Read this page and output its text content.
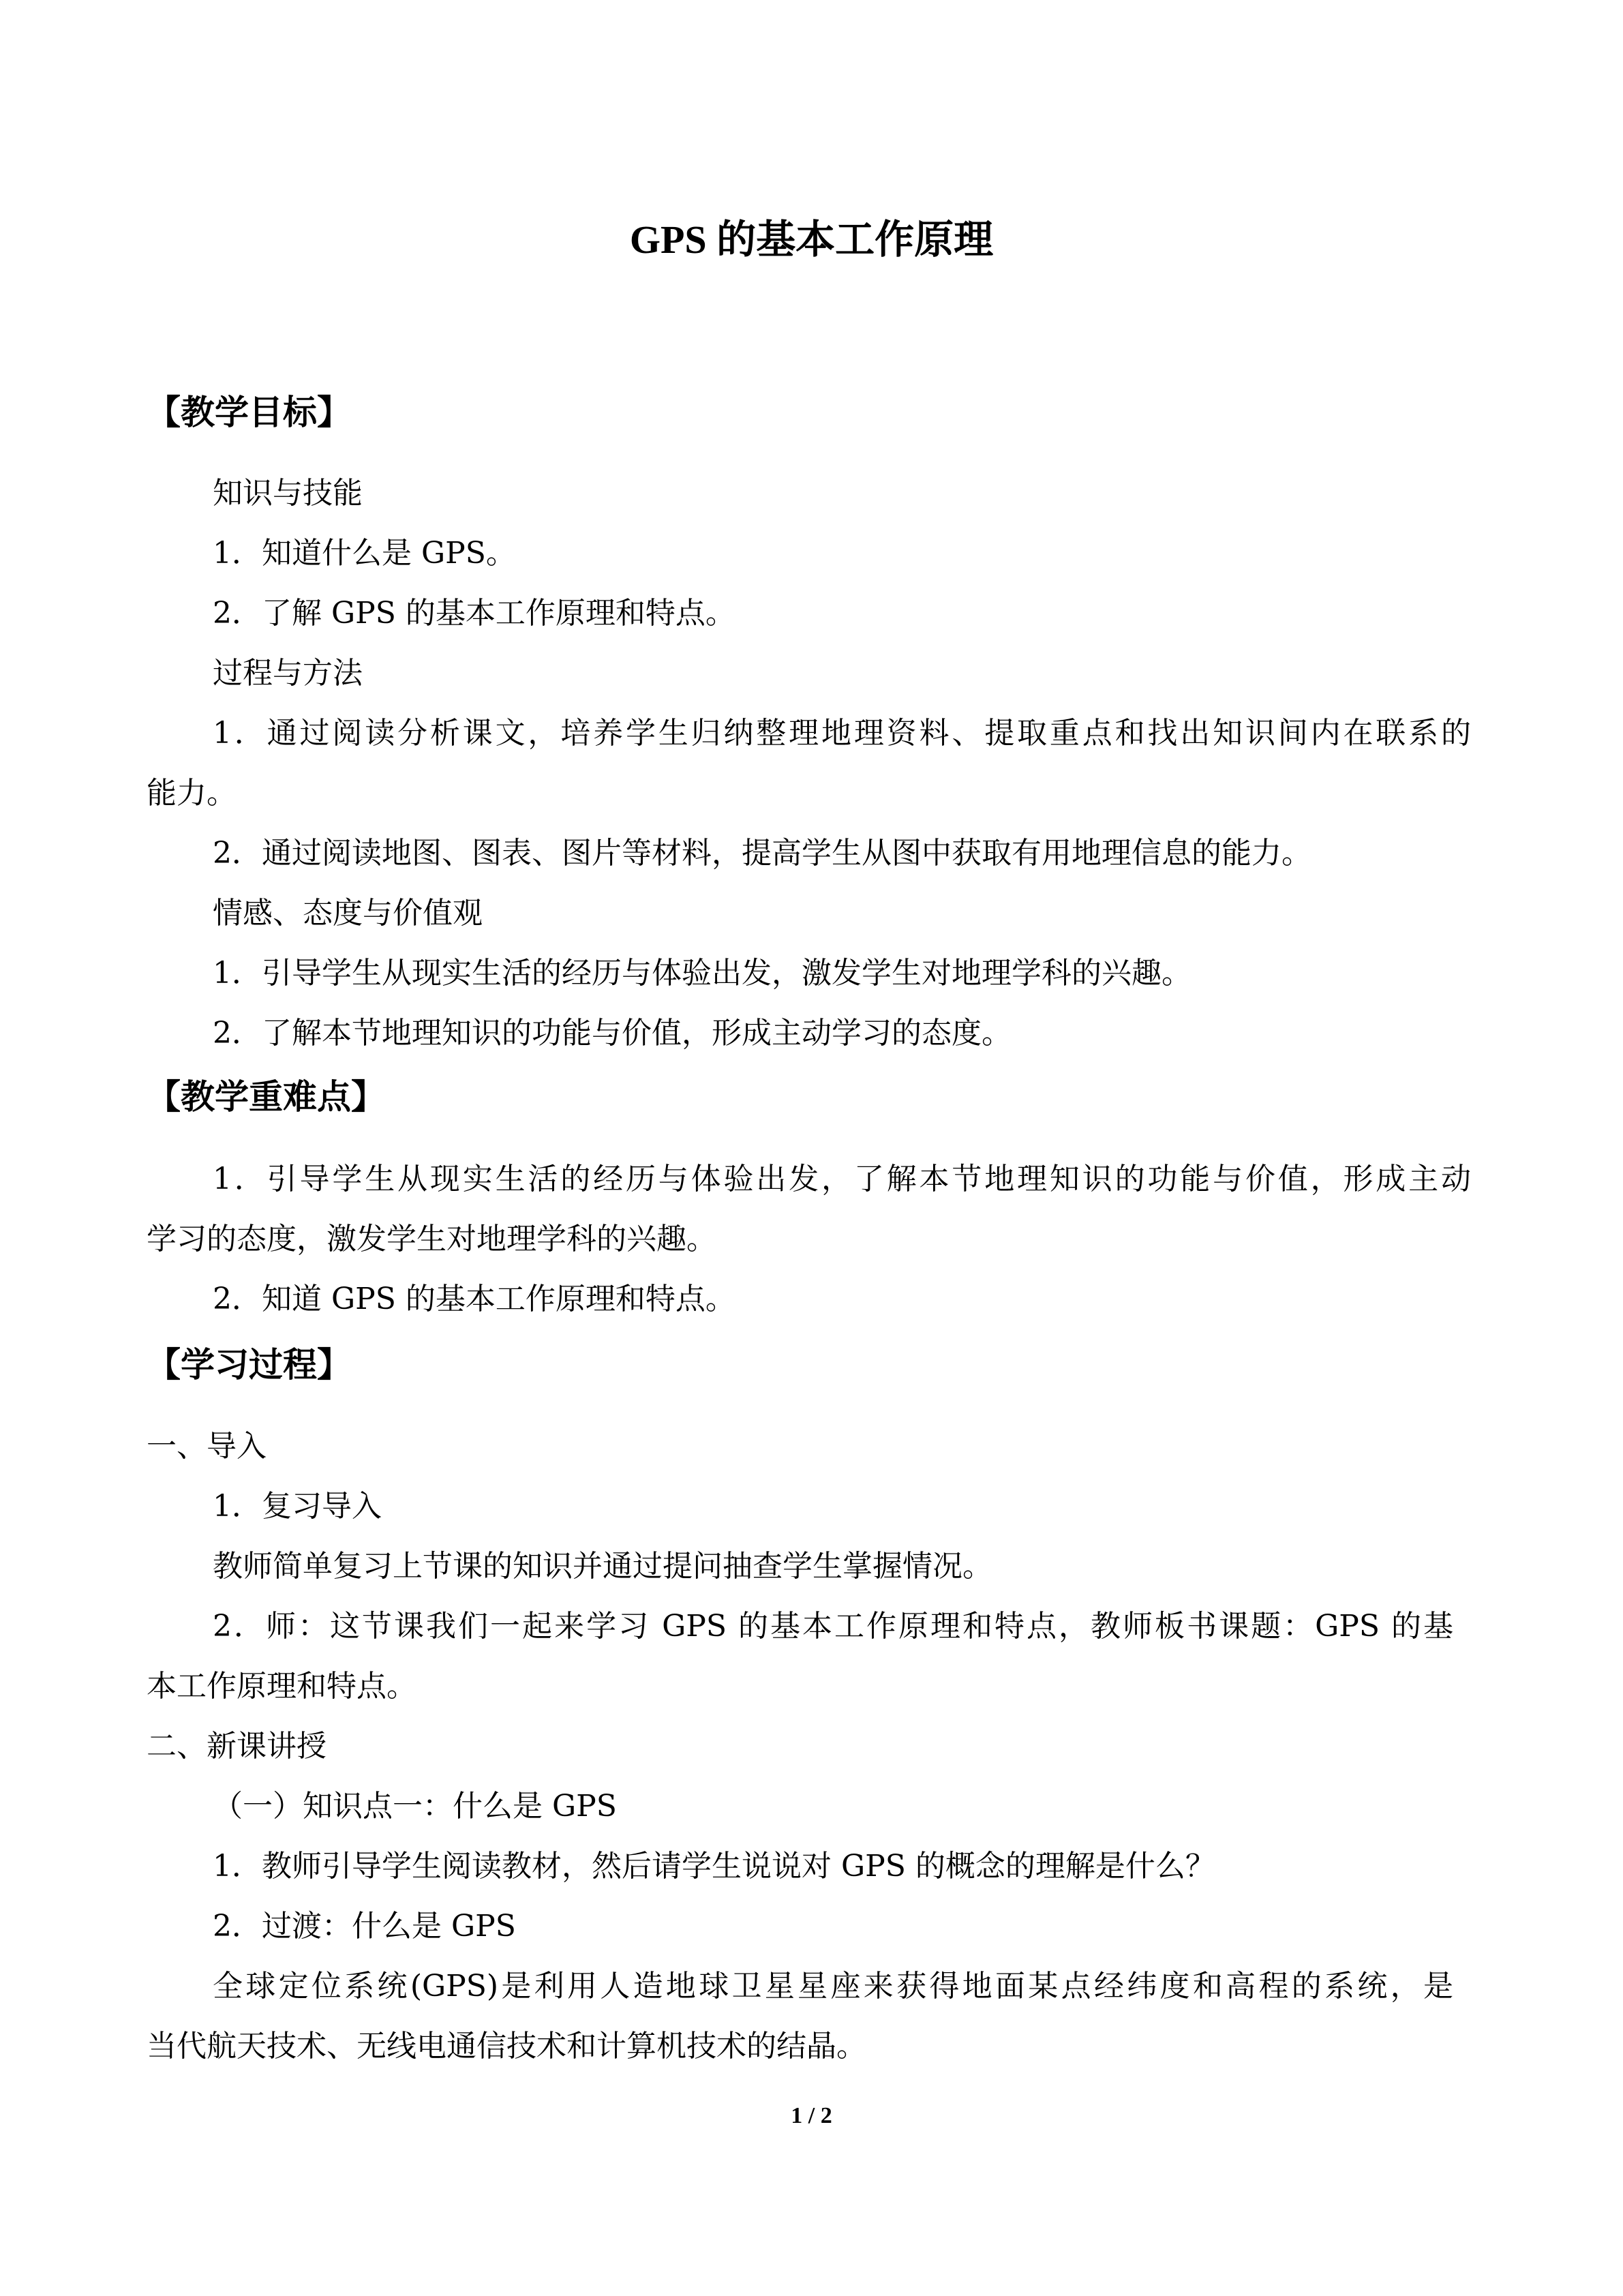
GPS 的基本工作原理
【教学目标】

知识与技能

1．知道什么是 GPS。

2．了解 GPS 的基本工作原理和特点。

过程与方法

1．通过阅读分析课文，培养学生归纳整理地理资料、提取重点和找出知识间内在联系的

能力。

2．通过阅读地图、图表、图片等材料，提高学生从图中获取有用地理信息的能力。

情感、态度与价值观

1．引导学生从现实生活的经历与体验出发，激发学生对地理学科的兴趣。

2．了解本节地理知识的功能与价值，形成主动学习的态度。

【教学重难点】

1．引导学生从现实生活的经历与体验出发，了解本节地理知识的功能与价值，形成主动

学习的态度，激发学生对地理学科的兴趣。

2．知道 GPS 的基本工作原理和特点。

【学习过程】

一、导入

1．复习导入

教师简单复习上节课的知识并通过提问抽查学生掌握情况。

2．师：这节课我们一起来学习 GPS 的基本工作原理和特点，教师板书课题：GPS 的基

本工作原理和特点。

二、新课讲授

（一）知识点一：什么是 GPS

1．教师引导学生阅读教材，然后请学生说说对 GPS 的概念的理解是什么？

2．过渡：什么是 GPS

全球定位系统(GPS)是利用人造地球卫星星座来获得地面某点经纬度和高程的系统，是

当代航天技术、无线电通信技术和计算机技术的结晶。

1 / 2
